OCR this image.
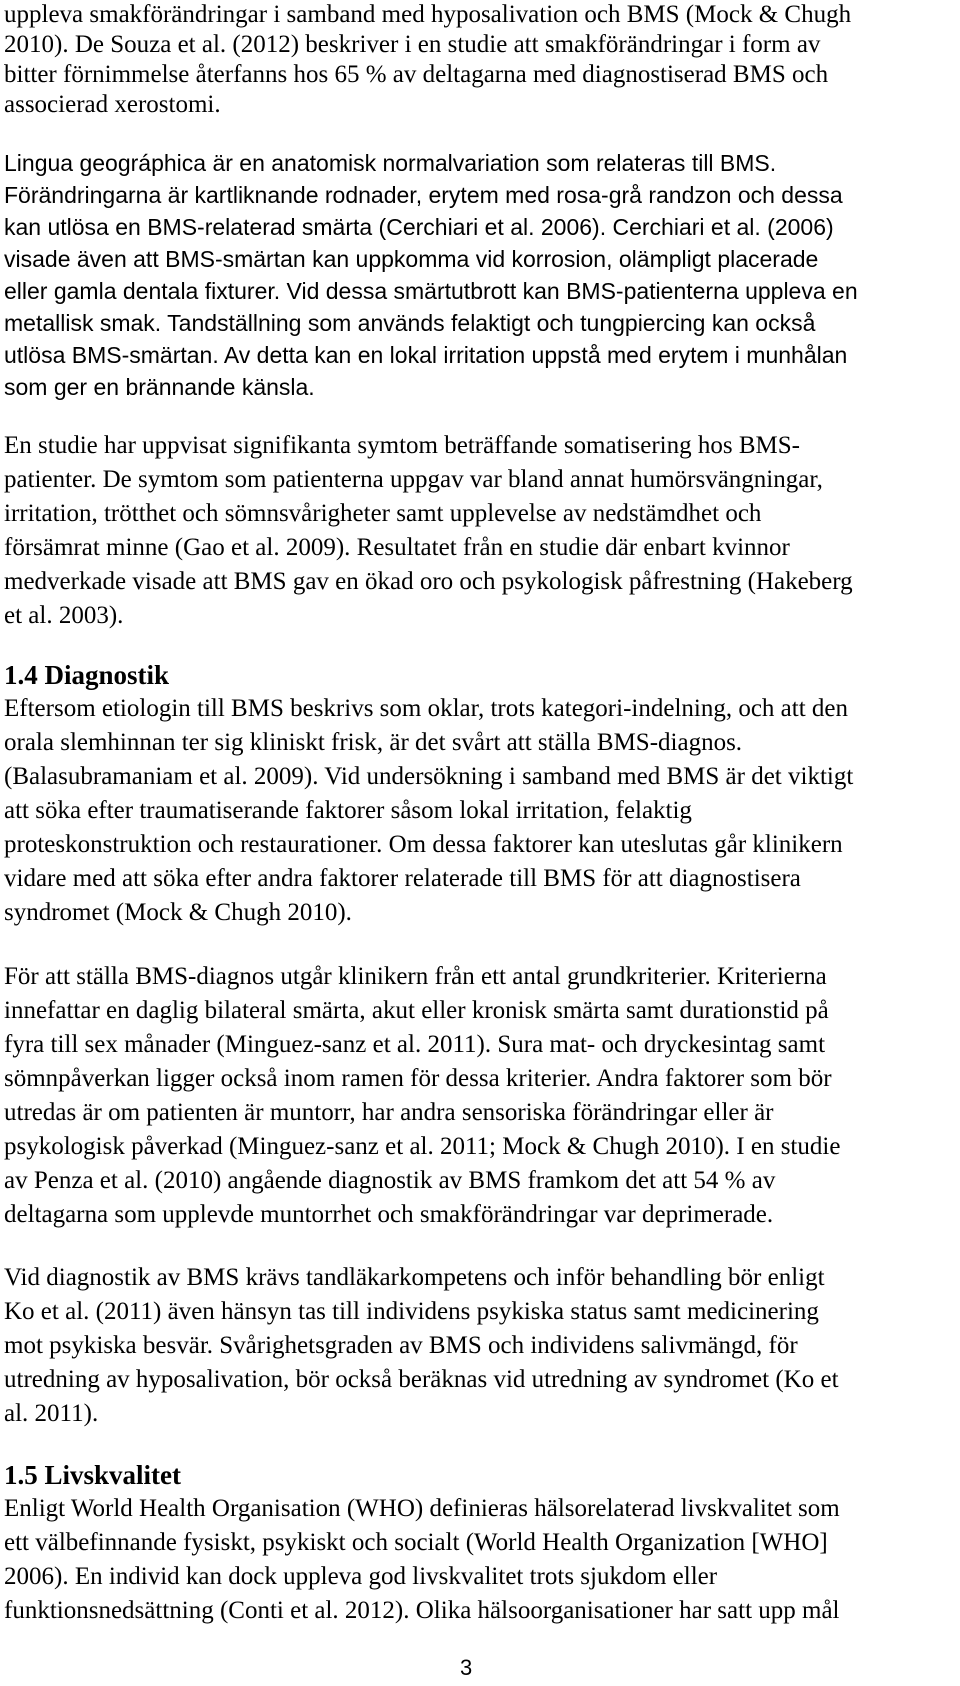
uppleva smakförändringar i samband med hyposalivation och BMS (Mock & Chugh
2010). De Souza et al. (2012) beskriver i en studie att smakförändringar i form av
bitter förnimmelse återfanns hos 65 % av deltagarna med diagnostiserad BMS och
associerad xerostomi.
Lingua geográphica är en anatomisk normalvariation som relateras till BMS.
Förändringarna är kartliknande rodnader, erytem med rosa-grå randzon och dessa
kan utlösa en BMS-relaterad smärta (Cerchiari et al. 2006). Cerchiari et al. (2006)
visade även att BMS-smärtan kan uppkomma vid korrosion, olämpligt placerade
eller gamla dentala fixturer. Vid dessa smärtutbrott kan BMS-patienterna uppleva en
metallisk smak. Tandställning som används felaktigt och tungpiercing kan också
utlösa BMS-smärtan. Av detta kan en lokal irritation uppstå med erytem i munhålan
som ger en brännande känsla.
En studie har uppvisat signifikanta symtom beträffande somatisering hos BMS-
patienter. De symtom som patienterna uppgav var bland annat humörsvängningar,
irritation, trötthet och sömnsvårigheter samt upplevelse av nedstämdhet och
försämrat minne (Gao et al. 2009). Resultatet från en studie där enbart kvinnor
medverkade visade att BMS gav en ökad oro och psykologisk påfrestning (Hakeberg
et al. 2003).
1.4 Diagnostik
Eftersom etiologin till BMS beskrivs som oklar, trots kategori-indelning, och att den
orala slemhinnan ter sig kliniskt frisk, är det svårt att ställa BMS-diagnos.
(Balasubramaniam et al. 2009). Vid undersökning i samband med BMS är det viktigt
att söka efter traumatiserande faktorer såsom lokal irritation, felaktig
proteskonstruktion och restaurationer. Om dessa faktorer kan uteslutas går klinikern
vidare med att söka efter andra faktorer relaterade till BMS för att diagnostisera
syndromet (Mock & Chugh 2010).
För att ställa BMS-diagnos utgår klinikern från ett antal grundkriterier. Kriterierna
innefattar en daglig bilateral smärta, akut eller kronisk smärta samt durationstid på
fyra till sex månader (Minguez-sanz et al. 2011). Sura mat- och dryckesintag samt
sömnpåverkan ligger också inom ramen för dessa kriterier. Andra faktorer som bör
utredas är om patienten är muntorr, har andra sensoriska förändringar eller är
psykologisk påverkad (Minguez-sanz et al. 2011; Mock & Chugh 2010). I en studie
av Penza et al. (2010) angående diagnostik av BMS framkom det att 54 % av
deltagarna som upplevde muntorrhet och smakförändringar var deprimerade.
Vid diagnostik av BMS krävs tandläkarkompetens och inför behandling bör enligt
Ko et al. (2011) även hänsyn tas till individens psykiska status samt medicinering
mot psykiska besvär. Svårighetsgraden av BMS och individens salivmängd, för
utredning av hyposalivation, bör också beräknas vid utredning av syndromet (Ko et
al. 2011).
1.5 Livskvalitet
Enligt World Health Organisation (WHO) definieras hälsorelaterad livskvalitet som
ett välbefinnande fysiskt, psykiskt och socialt (World Health Organization [WHO]
2006). En individ kan dock uppleva god livskvalitet trots sjukdom eller
funktionsnedsättning (Conti et al. 2012). Olika hälsoorganisationer har satt upp mål
3
